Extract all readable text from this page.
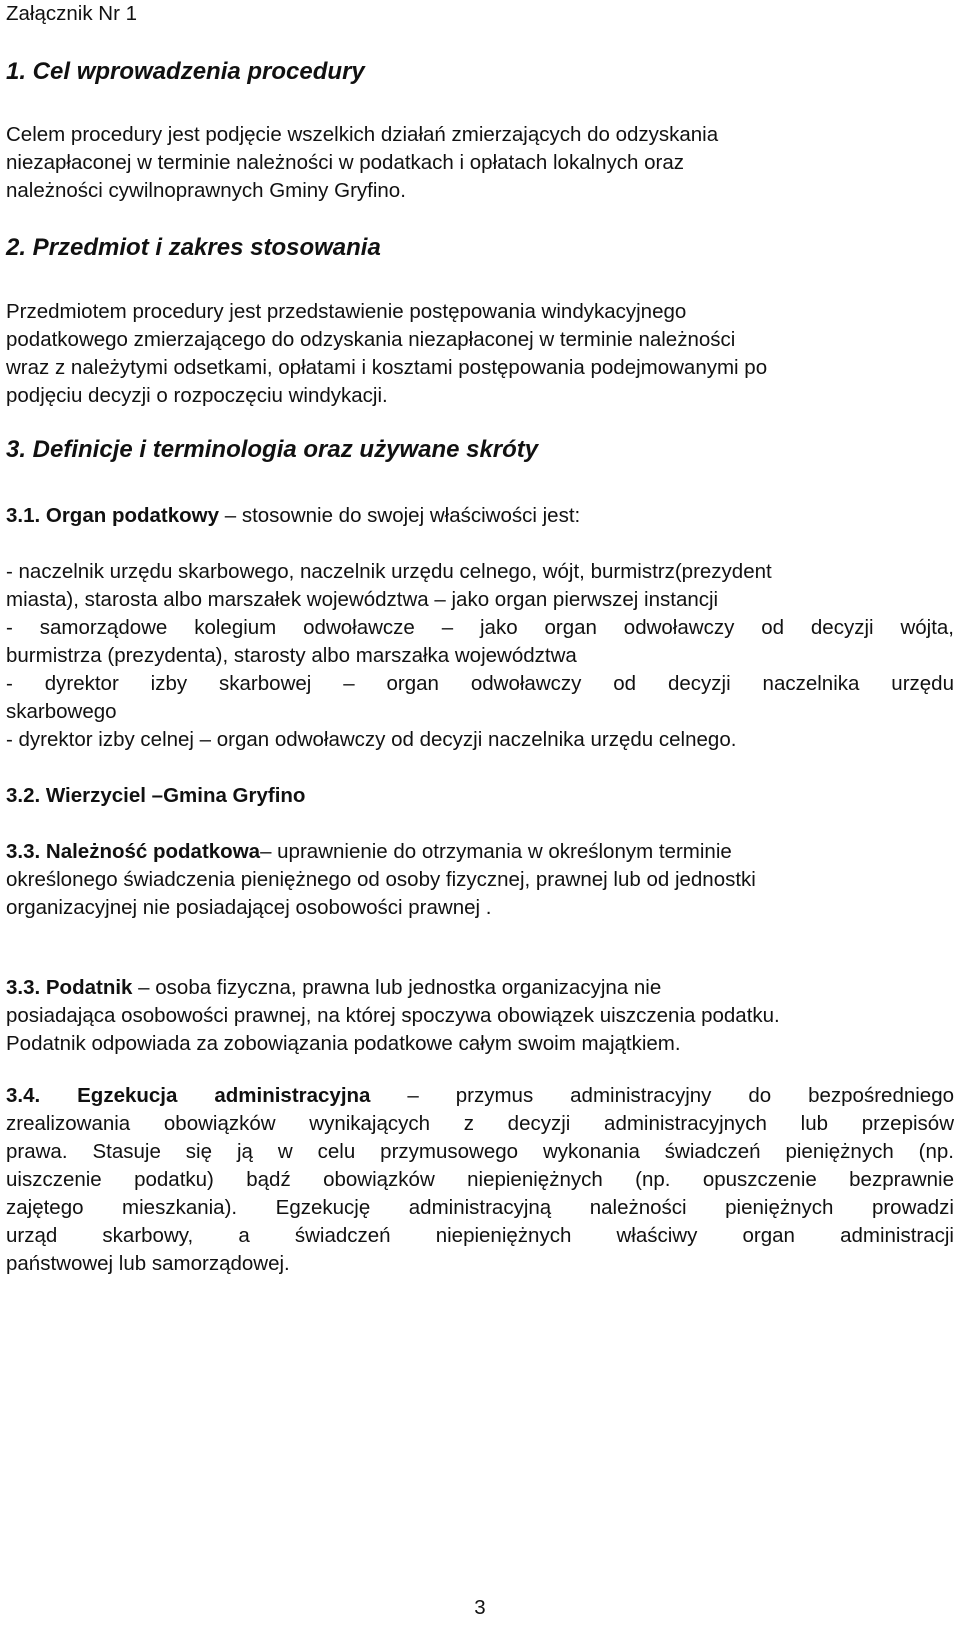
Załącznik Nr 1
1. Cel wprowadzenia procedury
Celem procedury jest podjęcie wszelkich działań zmierzających do odzyskania
niezapłaconej w terminie należności w podatkach i opłatach lokalnych oraz
należności cywilnoprawnych Gminy Gryfino.
2. Przedmiot i zakres stosowania
Przedmiotem procedury jest przedstawienie postępowania windykacyjnego
podatkowego zmierzającego do odzyskania niezapłaconej w terminie należności
wraz z należytymi odsetkami, opłatami i kosztami postępowania podejmowanymi po
podjęciu decyzji o rozpoczęciu windykacji.
3. Definicje i terminologia oraz używane skróty
3.1. Organ podatkowy – stosownie do swojej właściwości jest:
- naczelnik urzędu skarbowego, naczelnik urzędu celnego, wójt, burmistrz(prezydent
miasta), starosta albo marszałek województwa – jako organ pierwszej instancji
- samorządowe kolegium odwoławcze – jako organ odwoławczy od decyzji wójta,
burmistrza (prezydenta), starosty albo marszałka województwa
- dyrektor izby skarbowej – organ odwoławczy od decyzji naczelnika urzędu
skarbowego
- dyrektor izby celnej – organ odwoławczy od decyzji naczelnika urzędu celnego.
3.2. Wierzyciel –Gmina Gryfino
3.3. Należność podatkowa– uprawnienie do otrzymania w określonym terminie
określonego świadczenia pieniężnego od osoby fizycznej, prawnej lub od jednostki
organizacyjnej nie posiadającej osobowości prawnej .
3.3. Podatnik – osoba fizyczna, prawna lub jednostka organizacyjna nie
posiadająca osobowości prawnej, na której spoczywa obowiązek uiszczenia podatku.
Podatnik odpowiada za zobowiązania podatkowe całym swoim majątkiem.
3.4. Egzekucja administracyjna – przymus administracyjny do bezpośredniego
zrealizowania obowiązków wynikających z decyzji administracyjnych lub przepisów
prawa. Stasuje się ją w celu przymusowego wykonania świadczeń pieniężnych (np.
uiszczenie podatku) bądź obowiązków niepieniężnych (np. opuszczenie bezprawnie
zajętego mieszkania). Egzekucję administracyjną należności pieniężnych prowadzi
urząd skarbowy, a świadczeń niepieniężnych właściwy organ administracji
państwowej lub samorządowej.
3
